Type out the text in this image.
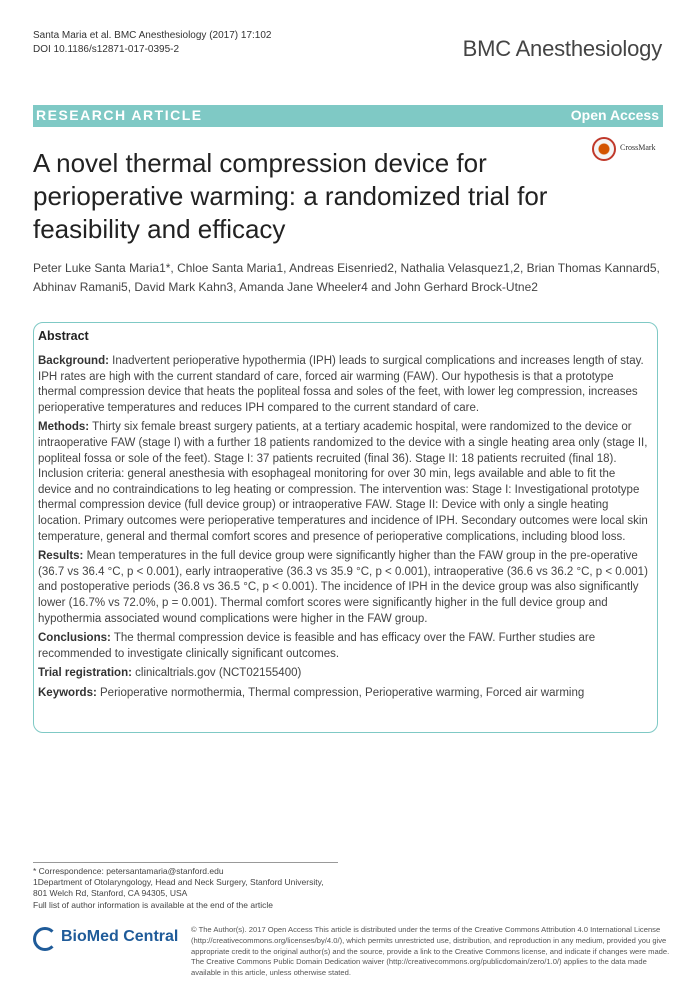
Santa Maria et al. BMC Anesthesiology (2017) 17:102
DOI 10.1186/s12871-017-0395-2	BMC Anesthesiology
RESEARCH ARTICLE	Open Access
A novel thermal compression device for perioperative warming: a randomized trial for feasibility and efficacy
CrossMark
Peter Luke Santa Maria1*, Chloe Santa Maria1, Andreas Eisenried2, Nathalia Velasquez1,2, Brian Thomas Kannard5, Abhinav Ramani5, David Mark Kahn3, Amanda Jane Wheeler4 and John Gerhard Brock-Utne2
Abstract

Background: Inadvertent perioperative hypothermia (IPH) leads to surgical complications and increases length of stay. IPH rates are high with the current standard of care, forced air warming (FAW). Our hypothesis is that a prototype thermal compression device that heats the popliteal fossa and soles of the feet, with lower leg compression, increases perioperative temperatures and reduces IPH compared to the current standard of care.

Methods: Thirty six female breast surgery patients, at a tertiary academic hospital, were randomized to the device or intraoperative FAW (stage I) with a further 18 patients randomized to the device with a single heating area only (stage II, popliteal fossa or sole of the feet). Stage I: 37 patients recruited (final 36). Stage II: 18 patients recruited (final 18). Inclusion criteria: general anesthesia with esophageal monitoring for over 30 min, legs available and able to fit the device and no contraindications to leg heating or compression. The intervention was: Stage I: Investigational prototype thermal compression device (full device group) or intraoperative FAW. Stage II: Device with only a single heating location. Primary outcomes were perioperative temperatures and incidence of IPH. Secondary outcomes were local skin temperature, general and thermal comfort scores and presence of perioperative complications, including blood loss.

Results: Mean temperatures in the full device group were significantly higher than the FAW group in the pre-operative (36.7 vs 36.4 °C, p < 0.001), early intraoperative (36.3 vs 35.9 °C, p < 0.001), intraoperative (36.6 vs 36.2 °C, p < 0.001) and postoperative periods (36.8 vs 36.5 °C, p < 0.001). The incidence of IPH in the device group was also significantly lower (16.7% vs 72.0%, p = 0.001). Thermal comfort scores were significantly higher in the full device group and hypothermia associated wound complications were higher in the FAW group.

Conclusions: The thermal compression device is feasible and has efficacy over the FAW. Further studies are recommended to investigate clinically significant outcomes.

Trial registration: clinicaltrials.gov (NCT02155400)

Keywords: Perioperative normothermia, Thermal compression, Perioperative warming, Forced air warming

* Correspondence: petersantamaria@stanford.edu
1Department of Otolaryngology, Head and Neck Surgery, Stanford University,
801 Welch Rd, Stanford, CA 94305, USA
Full list of author information is available at the end of the article
BioMed Central © The Author(s). 2017 Open Access This article is distributed under the terms of the Creative Commons Attribution 4.0 International License (http://creativecommons.org/licenses/by/4.0/), which permits unrestricted use, distribution, and reproduction in any medium, provided you give appropriate credit to the original author(s) and the source, provide a link to the Creative Commons license, and indicate if changes were made. The Creative Commons Public Domain Dedication waiver (http://creativecommons.org/publicdomain/zero/1.0/) applies to the data made available in this article, unless otherwise stated.
